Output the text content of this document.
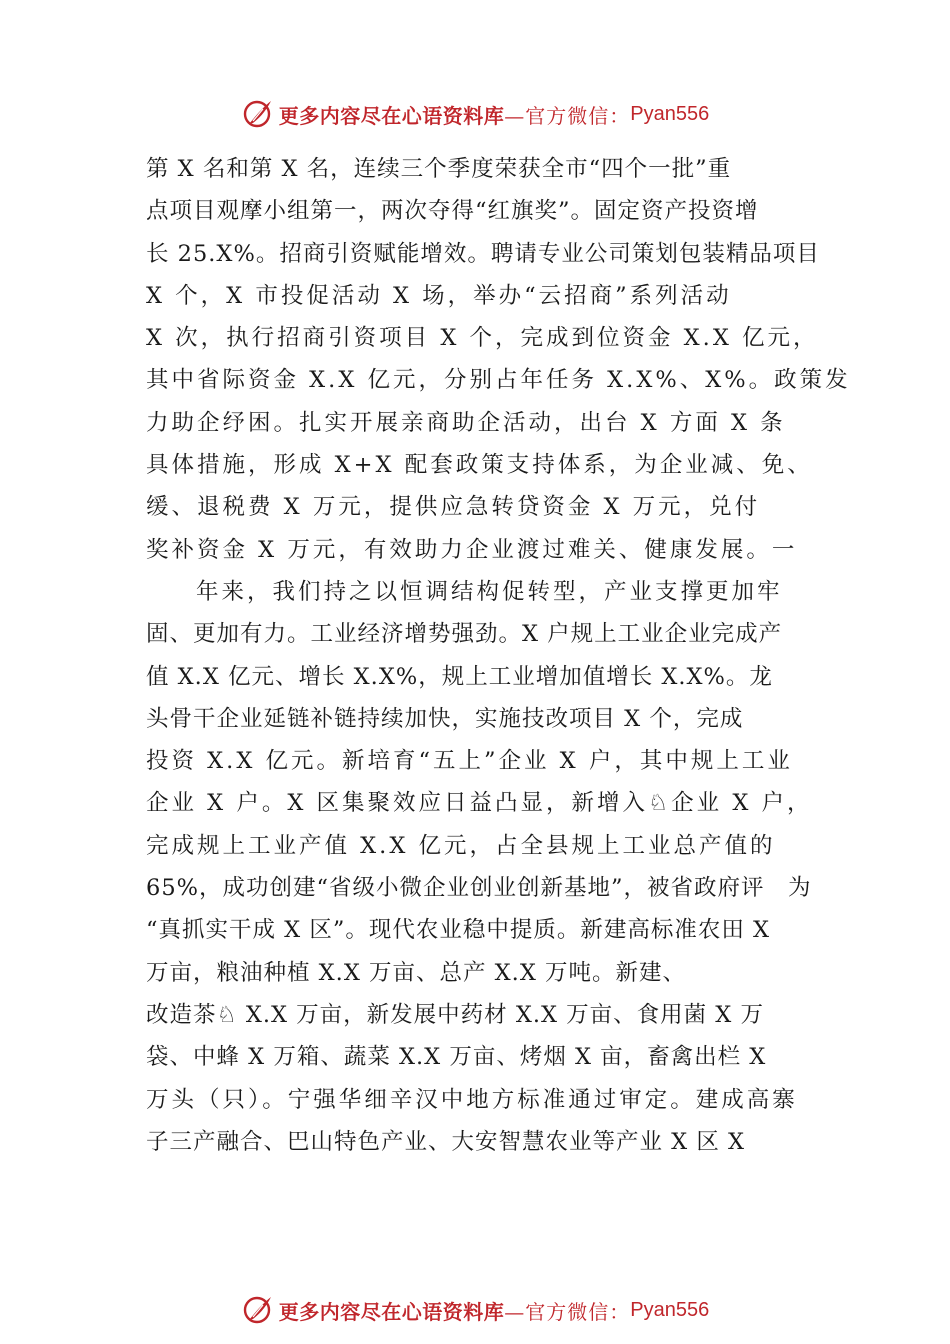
更多内容尽在心语资料库 —官方微信： Pyan556
第 X 名和第 X 名，连续三个季度荣获全市“四个一批”重
点项目观摩小组第一，两次夺得“红旗奖”。固定资产投资增
长 25.X%。招商引资赋能增效。聘请专业公司策划包装精品项目
X 个，X 市投促活动 X 场，举办“云招商”系列活动
X 次，执行招商引资项目 X 个，完成到位资金 X.X 亿元，
其中省际资金 X.X 亿元，分别占年任务 X.X%、X%。政策发
力助企纾困。扎实开展亲商助企活动，出台 X 方面 X 条
具体措施，形成 X+X 配套政策支持体系，为企业减、免、
缓、退税费 X 万元，提供应急转贷资金 X 万元，兑付
奖补资金 X 万元，有效助力企业渡过难关、健康发展。一
年来，我们持之以恒调结构促转型，产业支撑更加牢
固、更加有力。工业经济增势强劲。X 户规上工业企业完成产
值 X.X 亿元、增长 X.X%，规上工业增加值增长 X.X%。龙
头骨干企业延链补链持续加快，实施技改项目 X 个，完成
投资 X.X 亿元。新培育“五上”企业 X 户，其中规上工业
企业 X 户。X 区集聚效应日益凸显，新增入♘企业 X 户，
完成规上工业产值 X.X 亿元，占全县规上工业总产值的
65%，成功创建“省级小微企业创业创新基地”，被省政府评　为
“真抓实干成 X 区”。现代农业稳中提质。新建高标准农田 X
万亩，粮油种植 X.X 万亩、总产 X.X 万吨。新建、
改造茶♘ X.X 万亩，新发展中药材 X.X 万亩、食用菌 X 万
袋、中蜂 X 万箱、蔬菜 X.X 万亩、烤烟 X 亩，畜禽出栏 X
万头（只）。宁强华细辛汉中地方标准通过审定。建成高寨
子三产融合、巴山特色产业、大安智慧农业等产业 X 区 X
更多内容尽在心语资料库 —官方微信： Pyan556
